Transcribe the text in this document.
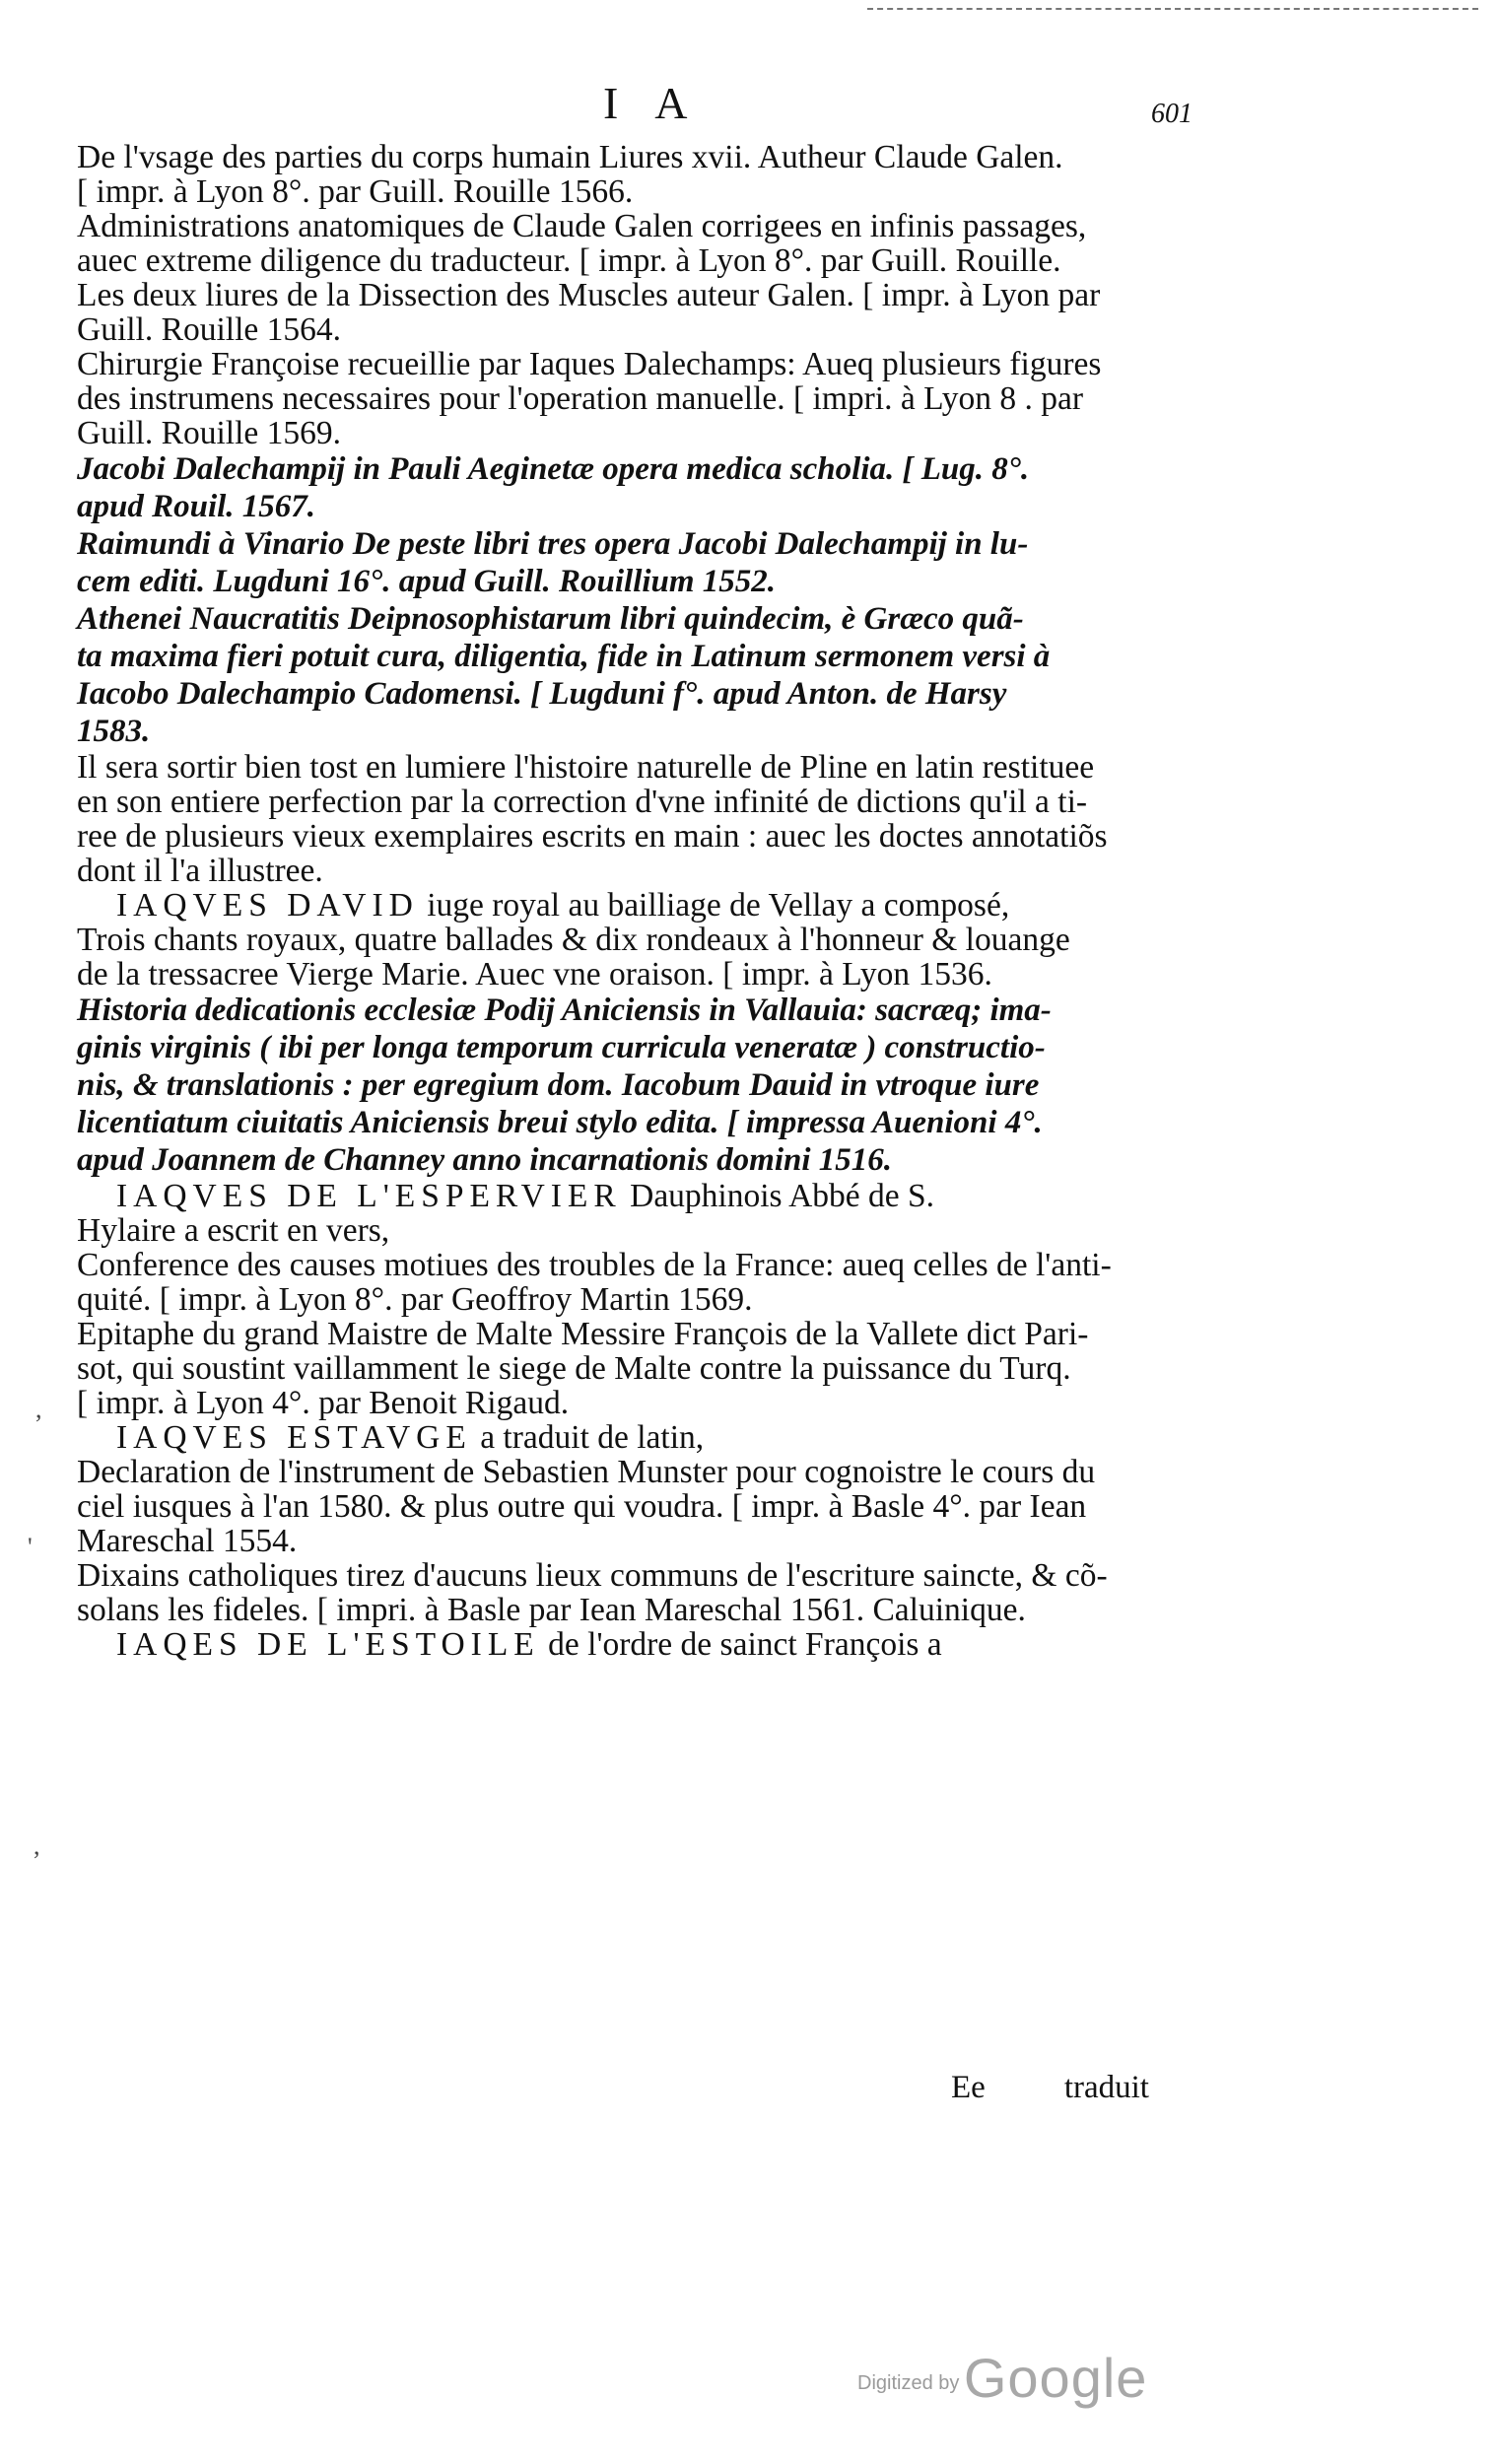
I A	601
De l'vsage des parties du corps humain Liures xvii. Autheur Claude Galen.
[ impr. à Lyon 8°. par Guill. Rouille 1566.
Administrations anatomiques de Claude Galen corrigees en infinis passages,
auec extreme diligence du traducteur. [ impr. à Lyon 8°. par Guill. Rouille.
Les deux liures de la Dissection des Muscles auteur Galen. [ impr. à Lyon par
Guill. Rouille 1564.
Chirurgie Françoise recueillie par Iaques Dalechamps: Aueq plusieurs figures
des instrumens necessaires pour l'operation manuelle. [ impri. à Lyon 8 . par
Guill. Rouille 1569.
Jacobi Dalechampij in Pauli Aeginetæ opera medica scholia. [ Lug. 8°.
apud Rouil. 1567.
Raimundi à Vinario De peste libri tres opera Jacobi Dalechampij in lu-
cem editi. Lugduni 16°. apud Guill. Rouillium 1552.
Athenei Naucratitis Deipnosophistarum libri quindecim, è Græco quã-
ta maxima fieri potuit cura, diligentia, fide in Latinum sermonem versi à
Iacobo Dalechampio Cadomensi. [ Lugduni f°. apud Anton. de Harsy
1583.
Il sera sortir bien tost en lumiere l'histoire naturelle de Pline en latin restituee
en son entiere perfection par la correction d'vne infinité de dictions qu'il a ti-
ree de plusieurs vieux exemplaires escrits en main : auec les doctes annotatiõs
dont il l'a illustree.
IAQVES DAVID iuge royal au bailliage de Vellay a composé,
Trois chants royaux, quatre ballades & dix rondeaux à l'honneur & louange
de la tressacree Vierge Marie. Auec vne oraison. [ impr. à Lyon 1536.
Historia dedicationis ecclesiæ Podij Aniciensis in Vallauia: sacræq; ima-
ginis virginis ( ibi per longa temporum curricula veneratæ ) constructio-
nis, & translationis : per egregium dom. Iacobum Dauid in vtroque iure
licentiatum ciuitatis Aniciensis breui stylo edita. [ impressa Auenioni 4°.
apud Joannem de Channey anno incarnationis domini 1516.
IAQVES DE L'ESPERVIER Dauphinois Abbé de S.
Hylaire a escrit en vers,
Conference des causes motiues des troubles de la France: aueq celles de l'anti-
quité. [ impr. à Lyon 8°. par Geoffroy Martin 1569.
Epitaphe du grand Maistre de Malte Messire François de la Vallete dict Pari-
sot, qui soustint vaillamment le siege de Malte contre la puissance du Turq.
[ impr. à Lyon 4°. par Benoit Rigaud.
IAQVES ESTAVGE a traduit de latin,
Declaration de l'instrument de Sebastien Munster pour cognoistre le cours du
ciel iusques à l'an 1580. & plus outre qui voudra. [ impr. à Basle 4°. par Iean
Mareschal 1554.
Dixains catholiques tirez d'aucuns lieux communs de l'escriture saincte, & cõ-
solans les fideles. [ impri. à Basle par Iean Mareschal 1561. Caluinique.
IAQES DE L'ESTOILE de l'ordre de sainct François a
Ee traduit
,
'
,
Digitized by Google
